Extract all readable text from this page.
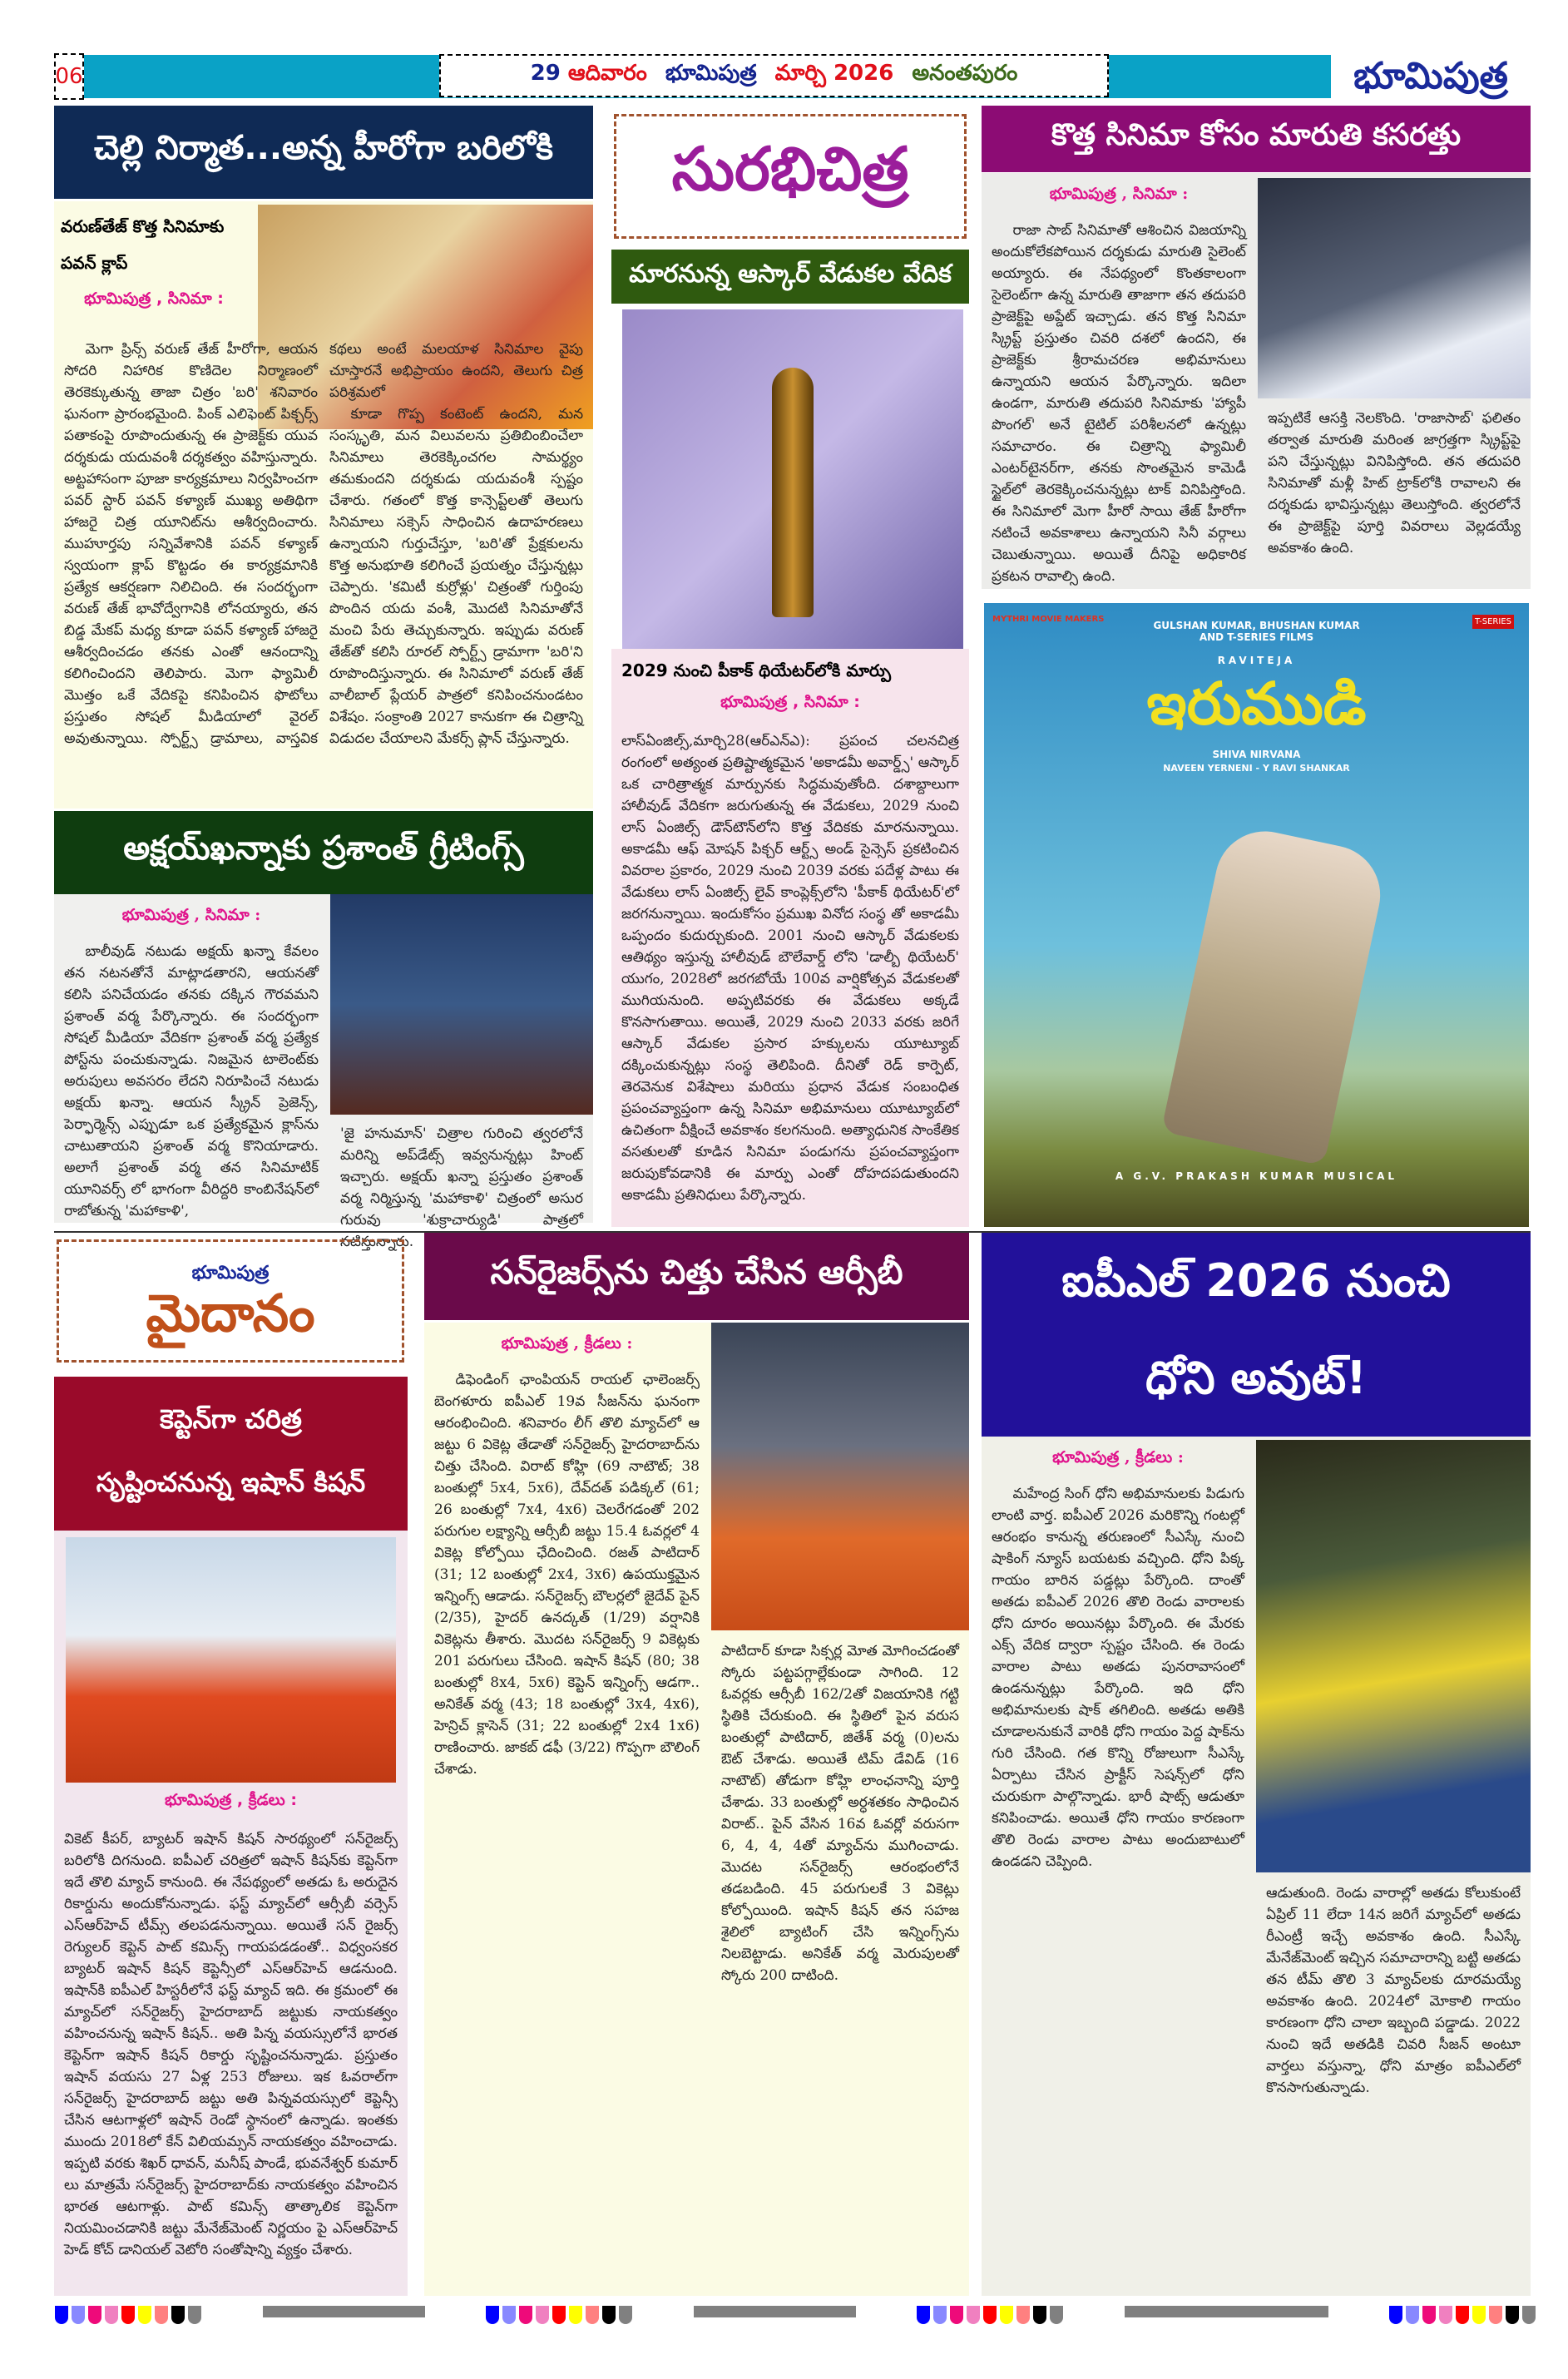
06	29 ఆదివారం భూమిపుత్ర మార్చి 2026 అనంతపురం	భూమిపుత్ర
చెల్లి నిర్మాత...అన్న హీరోగా బరిలోకి
వరుణ్‌తేజ్ కొత్త సినిమాకు పవన్ క్లాప్
భూమిపుత్ర , సినిమా :

మెగా ప్రిన్స్ వరుణ్ తేజ్ హీరోగా, ఆయన సోదరి నిహారిక కొణిదెల నిర్మాణంలో తెరకెక్కుతున్న తాజా చిత్రం 'బరి' శనివారం ఘనంగా ప్రారంభమైంది. పింక్ ఎలిఫెంట్ పిక్చర్స్ పతాకంపై రూపొందుతున్న ఈ ప్రాజెక్ట్‌కు యువ దర్శకుడు యదువంశీ దర్శకత్వం వహిస్తున్నారు. అట్టహాసంగా పూజా కార్యక్రమాలు నిర్వహించగా పవర్ స్టార్ పవన్ కళ్యాణ్ ముఖ్య అతిథిగా హాజరై చిత్ర యూనిట్‌ను ఆశీర్వదించారు. ముహూర్తపు సన్నివేశానికి పవన్ కళ్యాణ్ స్వయంగా క్లాప్ కొట్టడం ఈ కార్యక్రమానికి ప్రత్యేక ఆకర్షణగా నిలిచింది. ఈ సందర్భంగా వరుణ్ తేజ్ భావోద్వేగానికి లోనయ్యారు, తన బిడ్డ మేకప్ మధ్య కూడా పవన్ కళ్యాణ్ హాజరై ఆశీర్వదించడం తనకు ఎంతో ఆనందాన్ని కలిగించిందని తెలిపారు. మెగా ఫ్యామిలీ మొత్తం ఒకే వేదికపై కనిపించిన ఫొటోలు ప్రస్తుతం సోషల్ మీడియాలో వైరల్ అవుతున్నాయి. స్పోర్ట్స్ డ్రామాలు, వాస్తవిక కథలు అంటే మలయాళ సినిమాల వైపు చూస్తారనే అభిప్రాయం ఉందని, తెలుగు చిత్ర పరిశ్రమలో

కూడా గొప్ప కంటెంట్ ఉందని, మన సంస్కృతి, మన విలువలను ప్రతిబింబించేలా సినిమాలు తెరకెక్కించగల సామర్థ్యం తమకుందని దర్శకుడు యదువంశీ స్పష్టం చేశారు. గతంలో కొత్త కాన్సెప్ట్‌లతో తెలుగు సినిమాలు సక్సెస్ సాధించిన ఉదాహరణలు ఉన్నాయని గుర్తుచేస్తూ, 'బరి'తో ప్రేక్షకులను కొత్త అనుభూతి కలిగించే ప్రయత్నం చేస్తున్నట్లు చెప్పారు. 'కమిటీ కుర్రోళ్లు' చిత్రంతో గుర్తింపు పొందిన యదు వంశీ, మొదటి సినిమాతోనే మంచి పేరు తెచ్చుకున్నారు. ఇప్పుడు వరుణ్ తేజ్‌తో కలిసి రూరల్ స్పోర్ట్స్ డ్రామాగా 'బరి'ని రూపొందిస్తున్నారు. ఈ సినిమాలో వరుణ్ తేజ్ వాలీబాల్ ప్లేయర్ పాత్రలో కనిపించనుండటం విశేషం. సంక్రాంతి 2027 కానుకగా ఈ చిత్రాన్ని విడుదల చేయాలని మేకర్స్ ప్లాన్ చేస్తున్నారు.

అక్షయ్‌ఖన్నాకు ప్రశాంత్ గ్రీటింగ్స్
భూమిపుత్ర , సినిమా :

బాలీవుడ్ నటుడు అక్షయ్ ఖన్నా కేవలం తన నటనతోనే మాట్లాడతారని, ఆయనతో కలిసి పనిచేయడం తనకు దక్కిన గౌరవమని ప్రశాంత్ వర్మ పేర్కొన్నారు. ఈ సందర్భంగా సోషల్ మీడియా వేదికగా ప్రశాంత్ వర్మ ప్రత్యేక పోస్ట్‌ను పంచుకున్నాడు. నిజమైన టాలెంట్‌కు అరుపులు అవసరం లేదని నిరూపించే నటుడు అక్షయ్ ఖన్నా. ఆయన స్క్రీన్ ప్రెజెన్స్, పెర్ఫార్మెన్స్ ఎప్పుడూ ఒక ప్రత్యేకమైన క్లాస్‌ను చాటుతాయని ప్రశాంత్ వర్మ కొనియాడారు. అలాగే ప్రశాంత్ వర్మ తన సినిమాటిక్ యూనివర్స్ లో భాగంగా వీరిద్దరి కాంబినేషన్‌లో రాబోతున్న 'మహాకాళి',

'జై హనుమాన్' చిత్రాల గురించి త్వరలోనే మరిన్ని అప్‌డేట్స్ ఇవ్వనున్నట్లు హింట్ ఇచ్చారు. అక్షయ్ ఖన్నా ప్రస్తుతం ప్రశాంత్ వర్మ నిర్మిస్తున్న 'మహాకాళి' చిత్రంలో అసుర గురువు 'శుక్రాచార్యుడి' పాత్రలో నటిస్తున్నారు.
సురభిచిత్ర
మారనున్న ఆస్కార్ వేడుకల వేదిక
2029 నుంచి పీకాక్ థియేటర్‌లోకి మార్పు
భూమిపుత్ర , సినిమా :
లాస్‌ఏంజిల్స్,మార్చి28(ఆర్ఎన్ఎ): ప్రపంచ చలనచిత్ర రంగంలో అత్యంత ప్రతిష్టాత్మకమైన 'అకాడమీ అవార్డ్స్' ఆస్కార్ ఒక చారిత్రాత్మక మార్పునకు సిద్ధమవుతోంది. దశాబ్దాలుగా హాలీవుడ్ వేదికగా జరుగుతున్న ఈ వేడుకలు, 2029 నుంచి లాస్ ఏంజిల్స్ డౌన్‌టౌన్‌లోని కొత్త వేదికకు మారనున్నాయి. అకాడమీ ఆఫ్ మోషన్ పిక్చర్ ఆర్ట్స్ అండ్ సైన్సెస్ ప్రకటించిన వివరాల ప్రకారం, 2029 నుంచి 2039 వరకు పదేళ్ల పాటు ఈ వేడుకలు లాస్ ఏంజిల్స్ లైవ్ కాంప్లెక్స్‌లోని 'పీకాక్ థియేటర్'లో జరగనున్నాయి. ఇందుకోసం ప్రముఖ వినోద సంస్థ తో అకాడమీ ఒప్పందం కుదుర్చుకుంది. 2001 నుంచి ఆస్కార్ వేడుకలకు ఆతిథ్యం ఇస్తున్న హాలీవుడ్ బౌలేవార్డ్ లోని 'డాల్బీ థియేటర్' యుగం, 2028లో జరగబోయే 100వ వార్షికోత్సవ వేడుకలతో ముగియనుంది. అప్పటివరకు ఈ వేడుకలు అక్కడే కొనసాగుతాయి. అయితే, 2029 నుంచి 2033 వరకు జరిగే ఆస్కార్ వేడుకల ప్రసార హక్కులను యూట్యూబ్ దక్కించుకున్నట్లు సంస్థ తెలిపింది. దీనితో రెడ్ కార్పెట్, తెరవెనుక విశేషాలు మరియు ప్రధాన వేడుక సంబంధిత ప్రపంచవ్యాప్తంగా ఉన్న సినిమా అభిమానులు యూట్యూబ్‌లో ఉచితంగా వీక్షించే అవకాశం కలగనుంది. అత్యాధునిక సాంకేతిక వసతులతో కూడిన సినిమా పండుగను ప్రపంచవ్యాప్తంగా జరుపుకోవడానికి ఈ మార్పు ఎంతో దోహదపడుతుందని అకాడమీ ప్రతినిధులు పేర్కొన్నారు.
కొత్త సినిమా కోసం మారుతి కసరత్తు
భూమిపుత్ర , సినిమా :

రాజా సాబ్ సినిమాతో ఆశించిన విజయాన్ని అందుకోలేకపోయిన దర్శకుడు మారుతి సైలెంట్ అయ్యారు. ఈ నేపథ్యంలో కొంతకాలంగా సైలెంట్‌గా ఉన్న మారుతి తాజాగా తన తదుపరి ప్రాజెక్ట్‌పై అప్డేట్ ఇచ్చాడు. తన కొత్త సినిమా స్క్రిప్ట్ ప్రస్తుతం చివరి దశలో ఉందని, ఈ ప్రాజెక్ట్‌కు శ్రీరామచరణ అభిమానులు ఉన్నాయని ఆయన పేర్కొన్నారు. ఇదిలా ఉండగా, మారుతి తదుపరి సినిమాకు 'హ్యాపీ పొంగల్' అనే టైటిల్ పరిశీలనలో ఉన్నట్లు సమాచారం. ఈ చిత్రాన్ని ఫ్యామిలీ ఎంటర్‌టైనర్‌గా, తనకు సొంతమైన కామెడీ స్టైల్‌లో తెరకెక్కించనున్నట్లు టాక్ వినిపిస్తోంది. ఈ సినిమాలో మెగా హీరో సాయి తేజ్ హీరోగా నటించే అవకాశాలు ఉన్నాయని సినీ వర్గాలు చెబుతున్నాయి. అయితే దీనిపై అధికారిక ప్రకటన రావాల్సి ఉంది.

ఇప్పటికే ఆసక్తి నెలకొంది. 'రాజాసాబ్' ఫలితం తర్వాత మారుతి మరింత జాగ్రత్తగా స్క్రిప్ట్‌పై పని చేస్తున్నట్లు వినిపిస్తోంది. తన తదుపరి సినిమాతో మళ్లీ హిట్ ట్రాక్‌లోకి రావాలని ఈ దర్శకుడు భావిస్తున్నట్లు తెలుస్తోంది. త్వరలోనే ఈ ప్రాజెక్ట్‌పై పూర్తి వివరాలు వెల్లడయ్యే అవకాశం ఉంది.
MYTHRI MOVIE MAKERS	T-SERIES
GULSHAN KUMAR, BHUSHAN KUMAR AND T-SERIES FILMS
RAVITEJA
ఇరుముడి
SHIVA NIRVANA
NAVEEN YERNENI - Y RAVI SHANKAR
A G.V. PRAKASH KUMAR MUSICAL
భూమిపుత్ర
మైదానం
కెప్టెన్‌గా చరిత్ర
సృష్టించనున్న ఇషాన్ కిషన్
భూమిపుత్ర , క్రీడలు :
వికెట్ కీపర్, బ్యాటర్ ఇషాన్ కిషన్ సారథ్యంలో సన్‌రైజర్స్ బరిలోకి దిగనుంది. ఐపీఎల్ చరిత్రలో ఇషాన్ కిషన్‌కు కెప్టెన్‌గా ఇదే తొలి మ్యాచ్ కానుంది. ఈ నేపథ్యంలో అతడు ఓ అరుదైన రికార్డును అందుకోనున్నాడు. ఫస్ట్ మ్యాచ్‌లో ఆర్సీబీ వర్సెస్ ఎస్ఆర్‌హెచ్ టీమ్స్ తలపడనున్నాయి. అయితే సన్ రైజర్స్ రెగ్యులర్ కెప్టెన్ పాట్ కమిన్స్ గాయపడడంతో.. విధ్వంసకర బ్యాటర్ ఇషాన్ కిషన్ కెప్టెన్సీలో ఎస్ఆర్‌హెచ్ ఆడనుంది. ఇషాన్‌కి ఐపీఎల్ హిస్టరీలోనే ఫస్ట్ మ్యాచ్ ఇది. ఈ క్రమంలో ఈ మ్యాచ్‌లో సన్‌రైజర్స్ హైదరాబాద్ జట్టుకు నాయకత్వం వహించనున్న ఇషాన్ కిషన్.. అతి పిన్న వయస్సులోనే భారత కెప్టెన్‌గా ఇషాన్ కిషన్ రికార్డు సృష్టించనున్నాడు. ప్రస్తుతం ఇషాన్ వయసు 27 ఏళ్ల 253 రోజులు. ఇక ఓవరాల్‌గా సన్‌రైజర్స్ హైదరాబాద్ జట్టు అతి పిన్నవయస్సులో కెప్టెన్సీ చేసిన ఆటగాళ్లలో ఇషాన్ రెండో స్థానంలో ఉన్నాడు. ఇంతకు ముందు 2018లో కేన్ విలియమ్సన్ నాయకత్వం వహించాడు. ఇప్పటి వరకు శిఖర్ ధావన్, మనీష్ పాండే, భువనేశ్వర్ కుమార్ లు మాత్రమే సన్‌రైజర్స్ హైదరాబాద్‌కు నాయకత్వం వహించిన భారత ఆటగాళ్లు. పాట్ కమిన్స్ తాత్కాలిక కెప్టెన్‌గా నియమించడానికి జట్టు మేనేజ్‌మెంట్ నిర్ణయం పై ఎస్ఆర్‌హెచ్ హెడ్ కోచ్ డానియల్ వెటోరి సంతోషాన్ని వ్యక్తం చేశారు.
సన్‌రైజర్స్‌ను చిత్తు చేసిన ఆర్సీబీ
భూమిపుత్ర , క్రీడలు :

డిఫెండింగ్ ఛాంపియన్ రాయల్ ఛాలెంజర్స్ బెంగళూరు ఐపీఎల్ 19వ సీజన్‌ను ఘనంగా ఆరంభించింది. శనివారం లీగ్ తొలి మ్యాచ్‌లో ఆ జట్టు 6 వికెట్ల తేడాతో సన్‌రైజర్స్ హైదరాబాద్‌ను చిత్తు చేసింది. విరాట్ కోహ్లి (69 నాటౌట్; 38 బంతుల్లో 5x4, 5x6), దేవ్‌దత్ పడిక్కల్ (61; 26 బంతుల్లో 7x4, 4x6) చెలరేగడంతో 202 పరుగుల లక్ష్యాన్ని ఆర్సీబీ జట్టు 15.4 ఓవర్లలో 4 వికెట్ల కోల్పోయి ఛేదించింది. రజత్ పాటిదార్ (31; 12 బంతుల్లో 2x4, 3x6) ఉపయుక్తమైన ఇన్నింగ్స్ ఆడాడు. సన్‌రైజర్స్ బౌలర్లలో జైదేవ్ పైన్ (2/35), హైదర్ ఉనద్కత్ (1/29) వర్షానికి వికెట్లను తీశారు. మొదట సన్‌రైజర్స్ 9 వికెట్లకు 201 పరుగులు చేసింది. ఇషాన్ కిషన్ (80; 38 బంతుల్లో 8x4, 5x6) కెప్టెన్ ఇన్నింగ్స్ ఆడగా.. అనికేత్ వర్మ (43; 18 బంతుల్లో 3x4, 4x6), హెన్రిచ్ క్లాసెన్ (31; 22 బంతుల్లో 2x4 1x6) రాణించారు. జాకబ్ డఫీ (3/22) గొప్పగా బౌలింగ్ చేశాడు.

పాటిదార్ కూడా సిక్సర్ల మోత మోగించడంతో స్కోరు పట్టపగ్గాల్లేకుండా సాగింది. 12 ఓవర్లకు ఆర్సీబీ 162/2తో విజయానికి గట్టి స్థితికి చేరుకుంది. ఈ స్థితిలో పైన వరుస బంతుల్లో పాటిదార్, జితేశ్ వర్మ (0)లను ఔట్ చేశాడు. అయితే టిమ్ డేవిడ్ (16 నాటౌట్) తోడుగా కోహ్లి లాంఛనాన్ని పూర్తి చేశాడు. 33 బంతుల్లో అర్ధశతకం సాధించిన విరాట్.. పైన్ వేసిన 16వ ఓవర్లో వరుసగా 6, 4, 4, 4తో మ్యాచ్‌ను ముగించాడు. మొదట సన్‌రైజర్స్ ఆరంభంలోనే తడబడింది. 45 పరుగులకే 3 వికెట్లు కోల్పోయింది. ఇషాన్ కిషన్ తన సహజ శైలిలో బ్యాటింగ్ చేసి ఇన్నింగ్స్‌ను నిలబెట్టాడు. అనికేత్ వర్మ మెరుపులతో స్కోరు 200 దాటింది.
ఐపీఎల్ 2026 నుంచి
ధోని అవుట్!
భూమిపుత్ర , క్రీడలు :

మహేంద్ర సింగ్ ధోని అభిమానులకు పిడుగు లాంటి వార్త. ఐపీఎల్ 2026 మరికొన్ని గంటల్లో ఆరంభం కానున్న తరుణంలో సీఎస్కే నుంచి షాకింగ్ న్యూస్ బయటకు వచ్చింది. ధోని పిక్క గాయం బారిన పడ్డట్లు పేర్కొంది. దాంతో అతడు ఐపీఎల్ 2026 తొలి రెండు వారాలకు ధోని దూరం అయినట్లు పేర్కొంది. ఈ మేరకు ఎక్స్ వేదిక ద్వారా స్పష్టం చేసింది. ఈ రెండు వారాల పాటు అతడు పునరావాసంలో ఉండనున్నట్లు పేర్కొంది. ఇది ధోని అభిమానులకు షాక్ తగిలింది. అతడు అతికి చూడాలనుకునే వారికి ధోని గాయం పెద్ద షాక్‌ను గురి చేసింది. గత కొన్ని రోజులుగా సీఎస్కే ఏర్పాటు చేసిన ప్రాక్టీస్ సెషన్స్‌లో ధోని చురుకుగా పాల్గొన్నాడు. భారీ షాట్స్ ఆడుతూ కనిపించాడు. అయితే ధోని గాయం కారణంగా తొలి రెండు వారాల పాటు అందుబాటులో ఉండడని చెప్పింది.

ఆడుతుంది. రెండు వారాల్లో అతడు కోలుకుంటే ఏప్రిల్ 11 లేదా 14న జరిగే మ్యాచ్‌లో అతడు రీఎంట్రీ ఇచ్చే అవకాశం ఉంది. సీఎస్కే మేనేజ్‌మెంట్ ఇచ్చిన సమాచారాన్ని బట్టి అతడు తన టీమ్ తొలి 3 మ్యాచ్‌లకు దూరమయ్యే అవకాశం ఉంది. 2024లో మోకాలి గాయం కారణంగా ధోని చాలా ఇబ్బంది పడ్డాడు. 2022 నుంచి ఇదే అతడికి చివరి సీజన్ అంటూ వార్తలు వస్తున్నా, ధోని మాత్రం ఐపీఎల్‌లో కొనసాగుతున్నాడు.
